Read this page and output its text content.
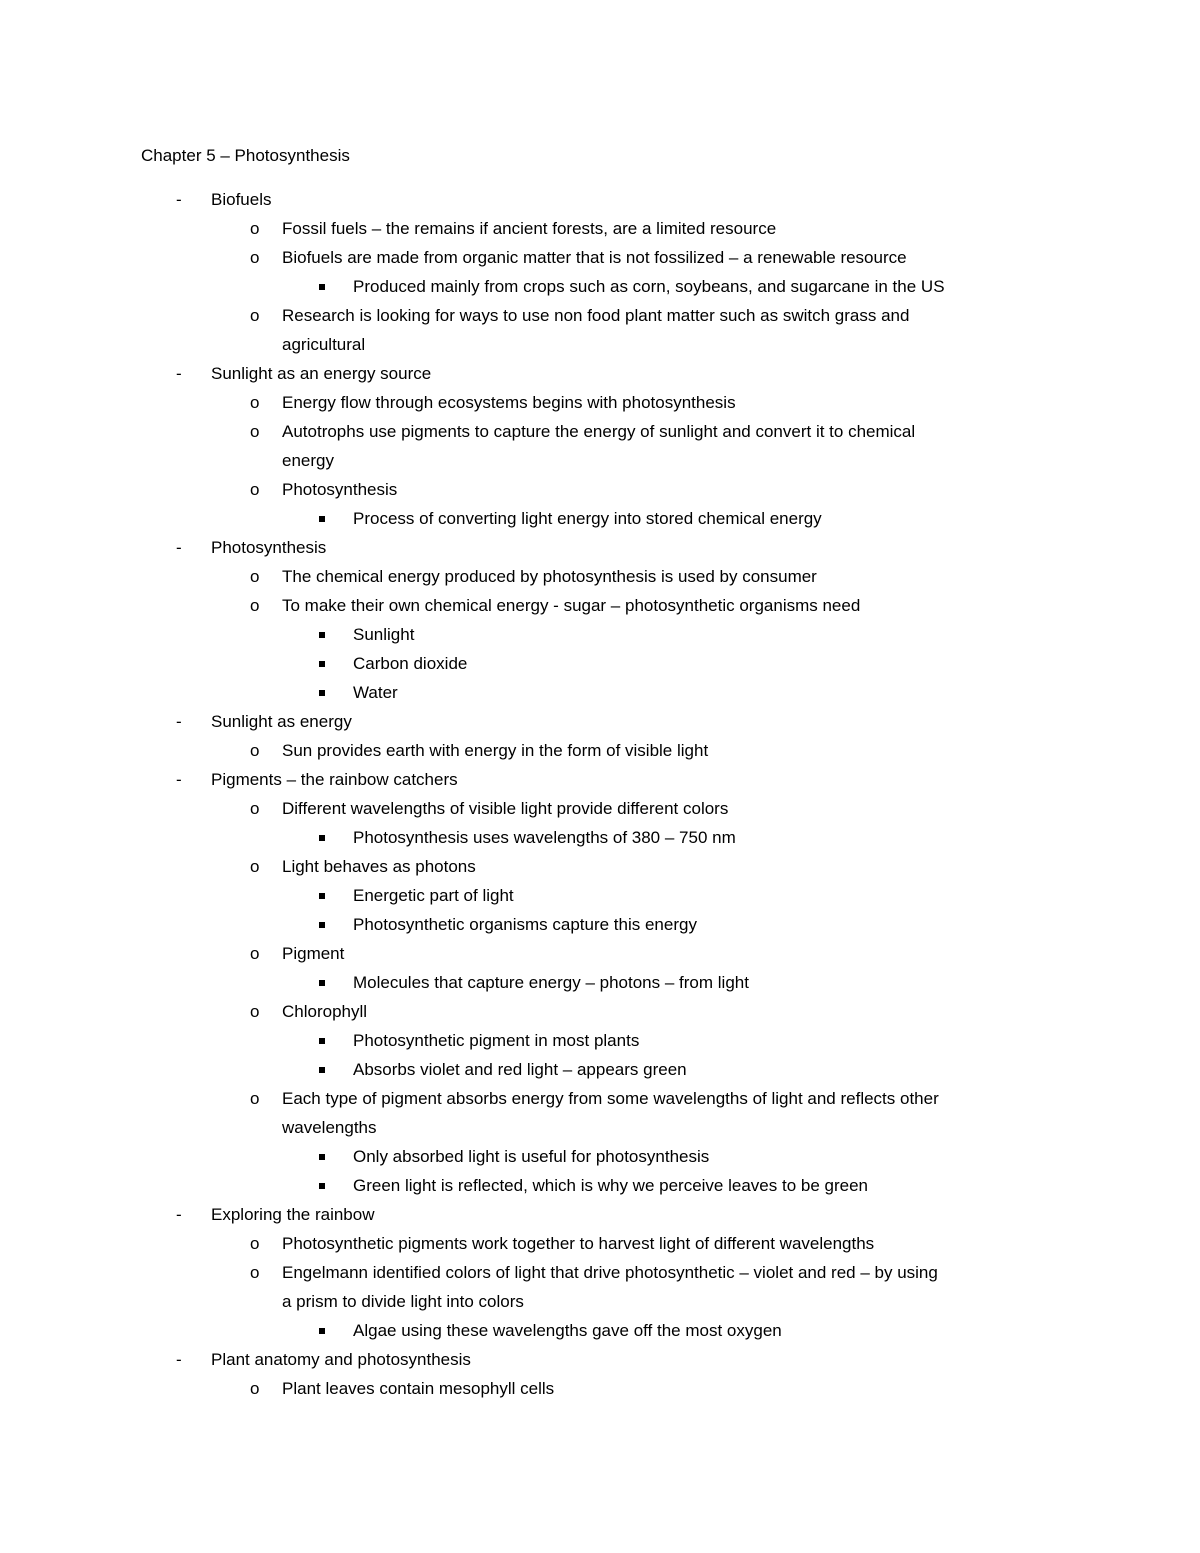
Chapter 5 – Photosynthesis
- Biofuels
o Fossil fuels – the remains if ancient forests, are a limited resource
o Biofuels are made from organic matter that is not fossilized – a renewable resource
Produced mainly from crops such as corn, soybeans, and sugarcane in the US
o Research is looking for ways to use non food plant matter such as switch grass and
agricultural
- Sunlight as an energy source
o Energy flow through ecosystems begins with photosynthesis
o Autotrophs use pigments to capture the energy of sunlight and convert it to chemical
energy
o Photosynthesis
Process of converting light energy into stored chemical energy
- Photosynthesis
o The chemical energy produced by photosynthesis is used by consumer
o To make their own chemical energy - sugar – photosynthetic organisms need
Sunlight
Carbon dioxide
Water
- Sunlight as energy
o Sun provides earth with energy in the form of visible light
- Pigments – the rainbow catchers
o Different wavelengths of visible light provide different colors
Photosynthesis uses wavelengths of 380 – 750 nm
o Light behaves as photons
Energetic part of light
Photosynthetic organisms capture this energy
o Pigment
Molecules that capture energy – photons – from light
o Chlorophyll
Photosynthetic pigment in most plants
Absorbs violet and red light – appears green
o Each type of pigment absorbs energy from some wavelengths of light and reflects other
wavelengths
Only absorbed light is useful for photosynthesis
Green light is reflected, which is why we perceive leaves to be green
- Exploring the rainbow
o Photosynthetic pigments work together to harvest light of different wavelengths
o Engelmann identified colors of light that drive photosynthetic – violet and red – by using
a prism to divide light into colors
Algae using these wavelengths gave off the most oxygen
- Plant anatomy and photosynthesis
o Plant leaves contain mesophyll cells
